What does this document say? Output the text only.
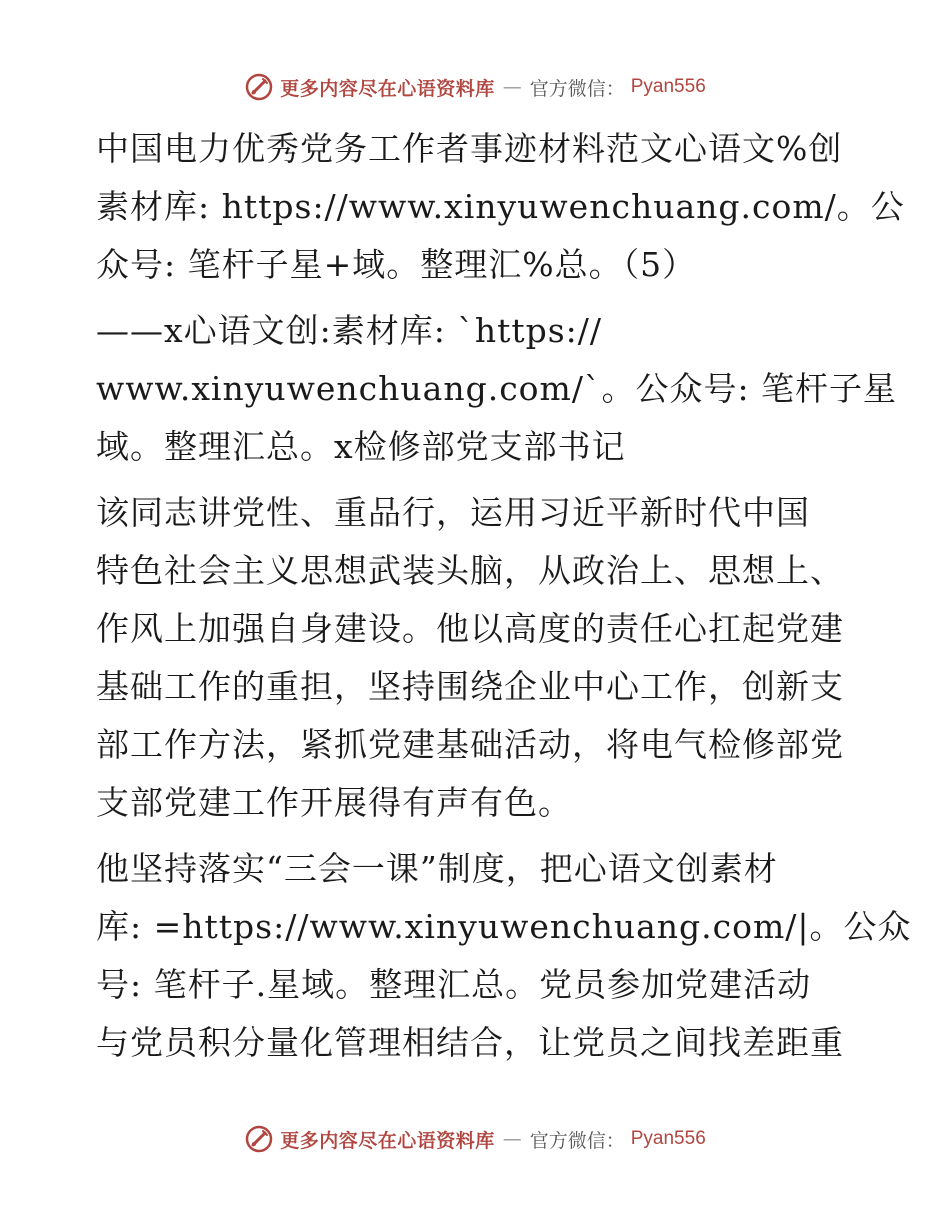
更多内容尽在心语资料库 — 官方微信： Pyan556

中国电力优秀党务工作者事迹材料范文心语文%创
素材库: https://www.xinyuwenchuang.com/。公
众号: 笔杆子星+域。整理汇%总。（5）

——x心语文创:素材库: `https://
www.xinyuwenchuang.com/`。公众号: 笔杆子星
域。整理汇总。x检修部党支部书记

该同志讲党性、重品行，运用习近平新时代中国
特色社会主义思想武装头脑，从政治上、思想上、
作风上加强自身建设。他以高度的责任心扛起党建
基础工作的重担，坚持围绕企业中心工作，创新支
部工作方法，紧抓党建基础活动，将电气检修部党
支部党建工作开展得有声有色。

他坚持落实“三会一课”制度，把心语文创素材
库: =https://www.xinyuwenchuang.com/|。公众
号: 笔杆子.星域。整理汇总。党员参加党建活动
与党员积分量化管理相结合，让党员之间找差距重

更多内容尽在心语资料库 — 官方微信： Pyan556
